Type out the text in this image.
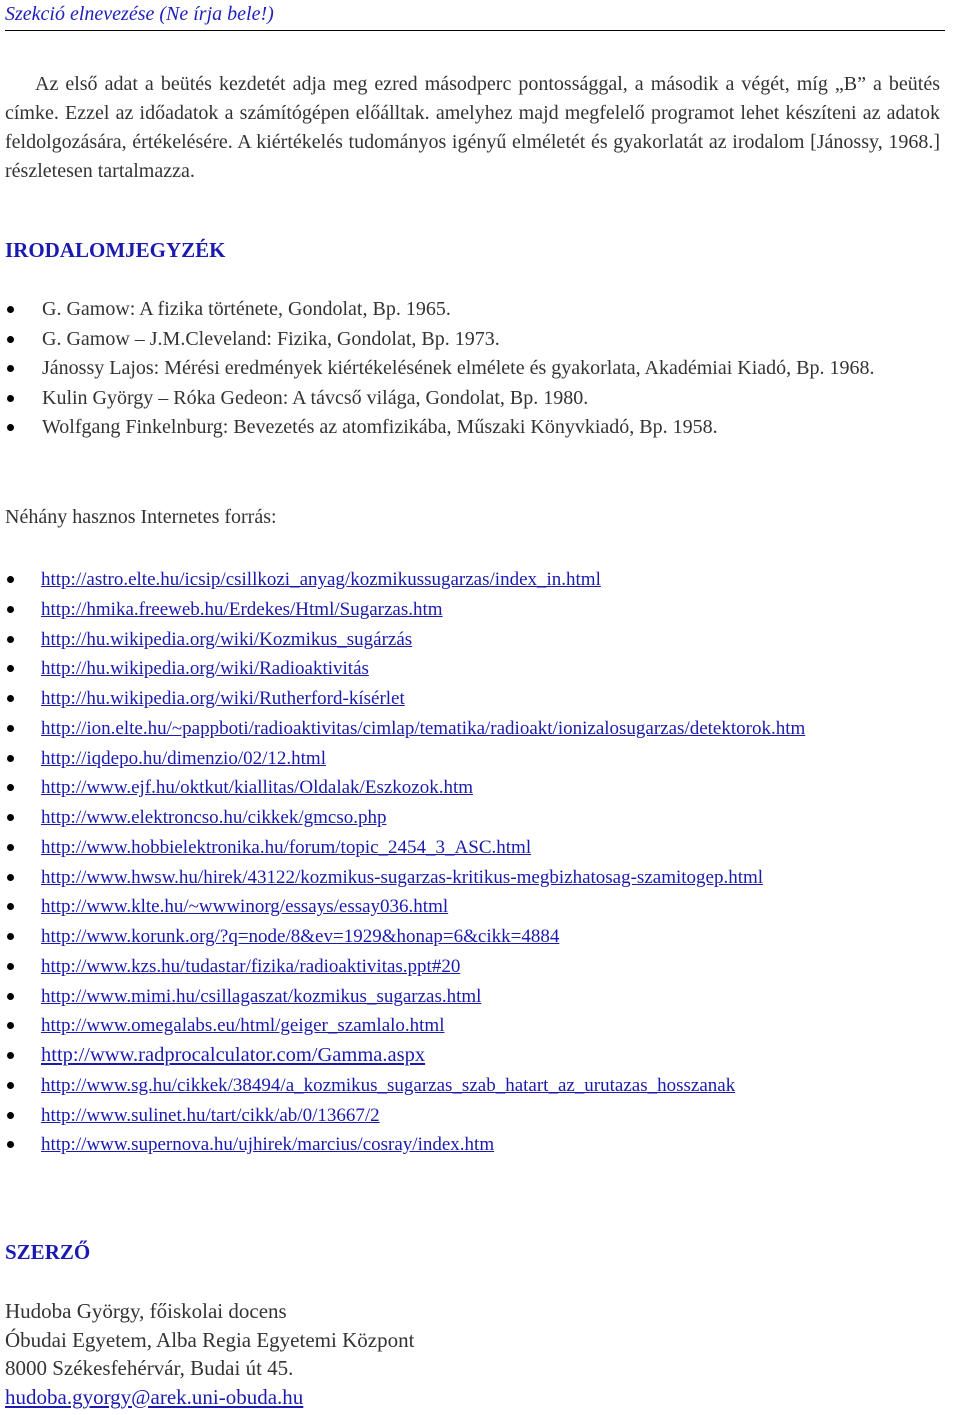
Szekció elnevezése (Ne írja bele!)

Az első adat a beütés kezdetét adja meg ezred másodperc pontossággal, a második a végét, míg „B” a beütés címke. Ezzel az időadatok a számítógépen előálltak. amelyhez majd megfelelő programot lehet készíteni az adatok feldolgozására, értékelésére. A kiértékelés tudományos igényű elméletét és gyakorlatát az irodalom [Jánossy, 1968.] részletesen tartalmazza.

IRODALOMJEGYZÉK
G. Gamow: A fizika története, Gondolat, Bp. 1965.
G. Gamow – J.M.Cleveland: Fizika, Gondolat, Bp. 1973.
Jánossy Lajos: Mérési eredmények kiértékelésének elmélete és gyakorlata, Akadémiai Kiadó, Bp. 1968.
Kulin György – Róka Gedeon: A távcső világa, Gondolat, Bp. 1980.
Wolfgang Finkelnburg: Bevezetés az atomfizikába, Műszaki Könyvkiadó, Bp. 1958.

Néhány hasznos Internetes forrás:

http://astro.elte.hu/icsip/csillkozi_anyag/kozmikussugarzas/index_in.html
http://hmika.freeweb.hu/Erdekes/Html/Sugarzas.htm
http://hu.wikipedia.org/wiki/Kozmikus_sugárzás
http://hu.wikipedia.org/wiki/Radioaktivitás
http://hu.wikipedia.org/wiki/Rutherford-kísérlet
http://ion.elte.hu/~pappboti/radioaktivitas/cimlap/tematika/radioakt/ionizalosugarzas/detektorok.htm
http://iqdepo.hu/dimenzio/02/12.html
http://www.ejf.hu/oktkut/kiallitas/Oldalak/Eszkozok.htm
http://www.elektroncso.hu/cikkek/gmcso.php
http://www.hobbielektronika.hu/forum/topic_2454_3_ASC.html
http://www.hwsw.hu/hirek/43122/kozmikus-sugarzas-kritikus-megbizhatosag-szamitogep.html
http://www.klte.hu/~wwwinorg/essays/essay036.html
http://www.korunk.org/?q=node/8&ev=1929&honap=6&cikk=4884
http://www.kzs.hu/tudastar/fizika/radioaktivitas.ppt#20
http://www.mimi.hu/csillagaszat/kozmikus_sugarzas.html
http://www.omegalabs.eu/html/geiger_szamlalo.html
http://www.radprocalculator.com/Gamma.aspx
http://www.sg.hu/cikkek/38494/a_kozmikus_sugarzas_szab_hatart_az_urutazas_hosszanak
http://www.sulinet.hu/tart/cikk/ab/0/13667/2
http://www.supernova.hu/ujhirek/marcius/cosray/index.htm
SZERZŐ
Hudoba György, főiskolai docens
Óbudai Egyetem, Alba Regia Egyetemi Központ
8000 Székesfehérvár, Budai út 45.
hudoba.gyorgy@arek.uni-obuda.hu
